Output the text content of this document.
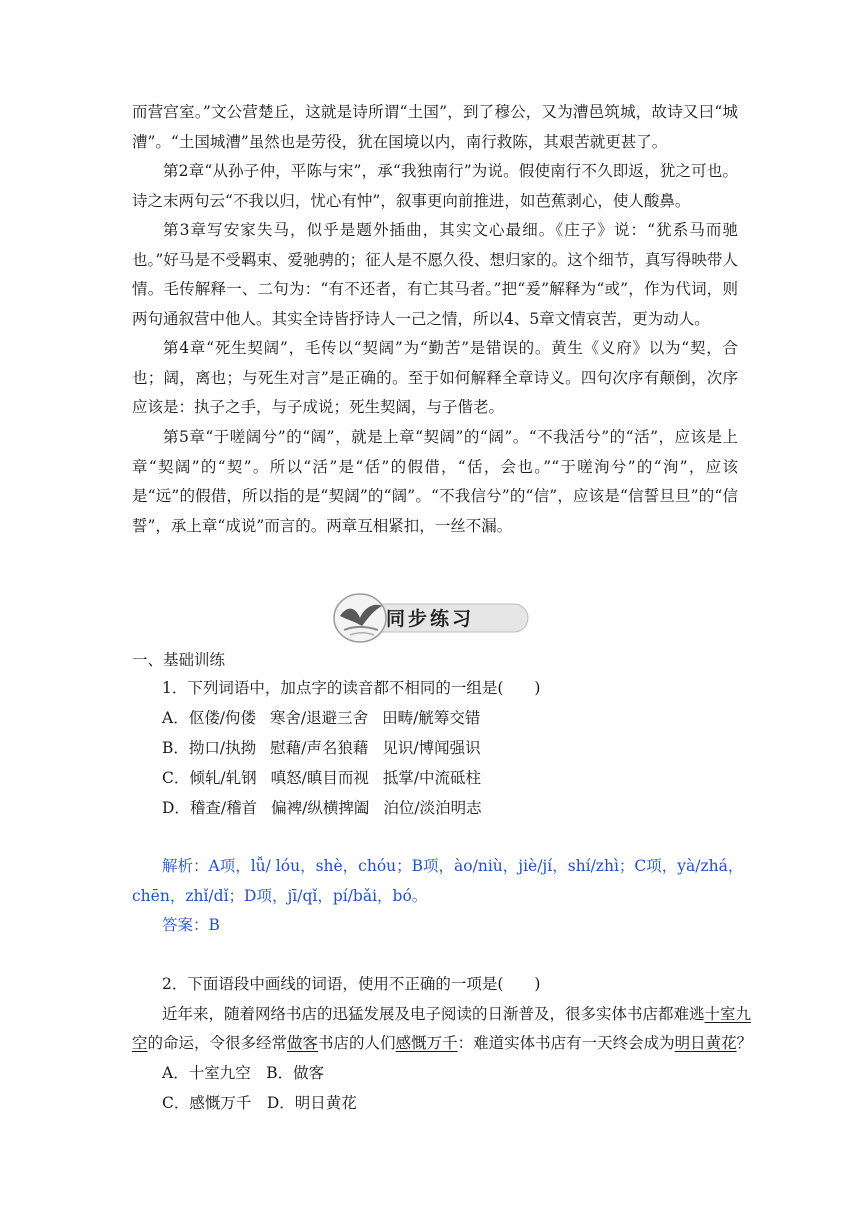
而营宫室。”文公营楚丘，这就是诗所谓“土国”，到了穆公，又为漕邑筑城，故诗又曰“城漕”。“土国城漕”虽然也是劳役，犹在国境以内，南行救陈，其艰苦就更甚了。

第2章“从孙子仲，平陈与宋”，承“我独南行”为说。假使南行不久即返，犹之可也。诗之末两句云“不我以归，忧心有忡”，叙事更向前推进，如芭蕉剥心，使人酸鼻。

第3章写安家失马，似乎是题外插曲，其实文心最细。《庄子》说：“犹系马而驰也。”好马是不受羁束、爱驰骋的；征人是不愿久役、想归家的。这个细节，真写得映带人情。毛传解释一、二句为：“有不还者，有亡其马者。”把“爰”解释为“或”，作为代词，则两句通叙营中他人。其实全诗皆抒诗人一己之情，所以4、5章文情哀苦，更为动人。

第4章“死生契阔”，毛传以“契阔”为“勤苦”是错误的。黄生《义府》以为“契，合也；阔，离也；与死生对言”是正确的。至于如何解释全章诗义。四句次序有颠倒，次序应该是：执子之手，与子成说；死生契阔，与子偕老。

第5章“于嗟阔兮”的“阔”，就是上章“契阔”的“阔”。“不我活兮”的“活”，应该是上章“契阔”的“契”。所以“活”是“佸”的假借，“佸，会也。”“于嗟洵兮”的“洵”，应该是“远”的假借，所以指的是“契阔”的“阔”。“不我信兮”的“信”，应该是“信誓旦旦”的“信誓”，承上章“成说”而言的。两章互相紧扣，一丝不漏。

同步练习

一、基础训练

1．下列词语中，加点字的读音都不相同的一组是(　　)

A．伛偻/佝偻 寒舍/退避三舍 田畴/觥筹交错

B．拗口/执拗 慰藉/声名狼藉 见识/博闻强识

C．倾轧/轧钢 嗔怒/瞋目而视 抵掌/中流砥柱

D．稽查/稽首 偏裨/纵横捭阖 泊位/淡泊明志

解析：A项，lǚ/ lóu，shè，chóu；B项，ào/niù，jiè/jí，shí/zhì；C项，yà/zhá，

chēn，zhǐ/dǐ；D项，jī/qǐ，pí/bǎi，bó。

答案：B

2．下面语段中画线的词语，使用不正确的一项是(　　)

近年来，随着网络书店的迅猛发展及电子阅读的日渐普及，很多实体书店都难逃十室九

空的命运，令很多经常做客书店的人们感慨万千：难道实体书店有一天终会成为明日黄花？

A．十室九空　B．做客

C．感慨万千　D．明日黄花
